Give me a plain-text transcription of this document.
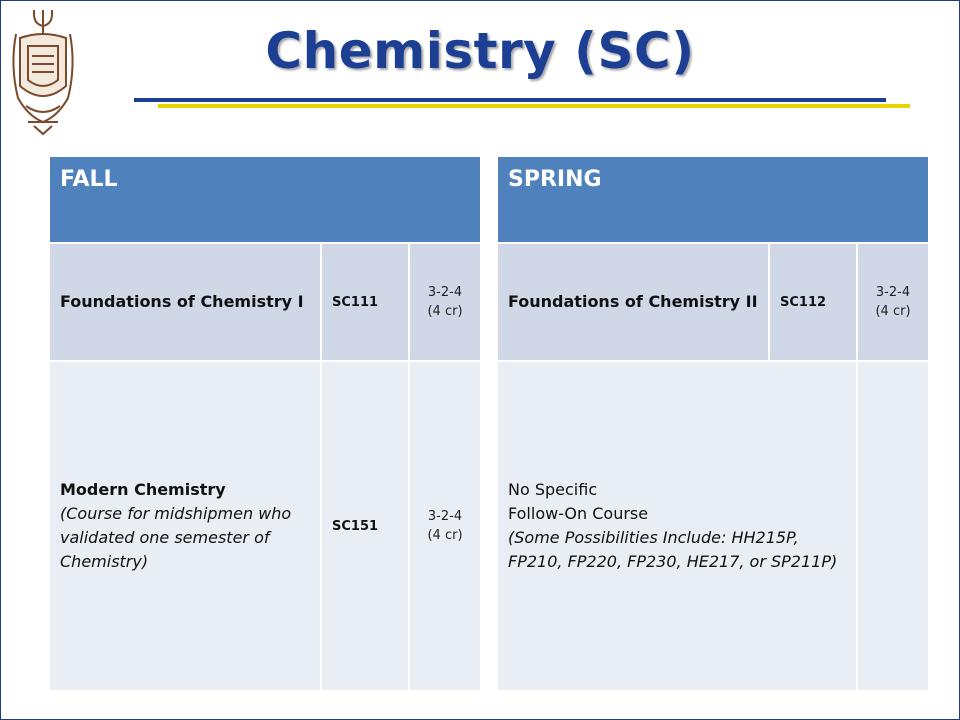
Chemistry (SC)
FALL		
Foundations of Chemistry I	SC111	3-2-4
(4 cr)

Modern Chemistry
(Course for midshipmen who validated one semester of Chemistry)	SC151	3-2-4
(4 cr)
SPRING		
Foundations of Chemistry II	SC112	3-2-4
(4 cr)

No Specific
Follow-On Course
(Some Possibilities Include: HH215P, FP210, FP220, FP230, HE217, or SP211P)		
